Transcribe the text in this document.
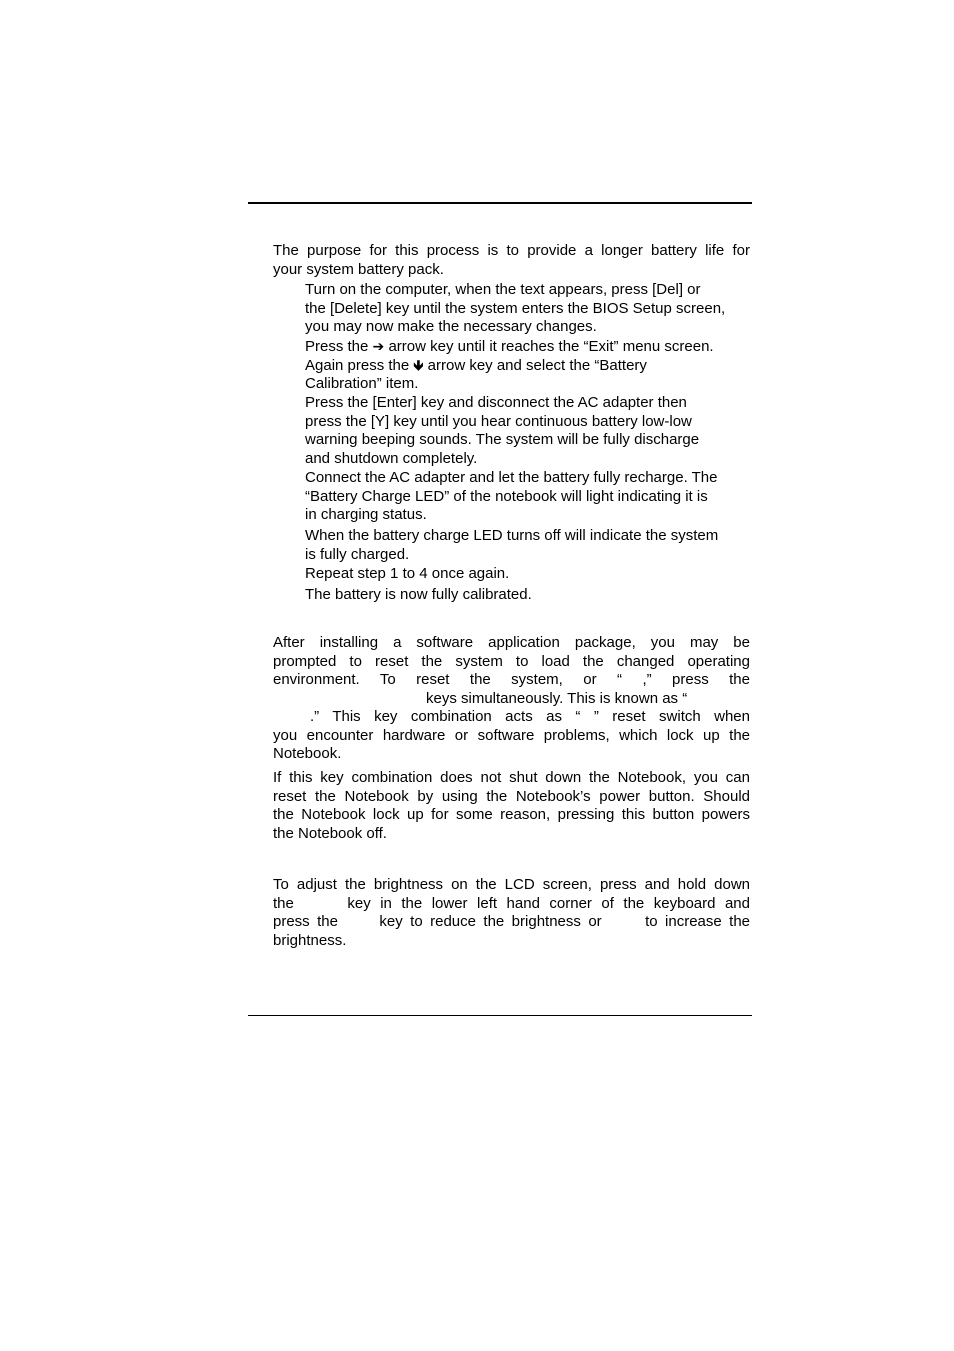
The purpose for this process is to provide a longer battery life for
your system battery pack.

Turn on the computer, when the text appears, press [Del] or
the [Delete] key until the system enters the BIOS Setup screen,
you may now make the necessary changes.

Press the ➔ arrow key until it reaches the “Exit” menu screen.
Again press the 🡻 arrow key and select the “Battery
Calibration” item.

Press the [Enter] key and disconnect the AC adapter then
press the [Y] key until you hear continuous battery low-low
warning beeping sounds. The system will be fully discharge
and shutdown completely.

Connect the AC adapter and let the battery fully recharge. The
“Battery Charge LED” of the notebook will light indicating it is
in charging status.

When the battery charge LED turns off will indicate the system
is fully charged.

Repeat step 1 to 4 once again.

The battery is now fully calibrated.

After installing a software application package, you may be
prompted to reset the system to load the changed operating
environment. To reset the system, or “ ,” press the
keys simultaneously. This is known as “
.” This key combination acts as “ ” reset switch when
you encounter hardware or software problems, which lock up the
Notebook.

If this key combination does not shut down the Notebook, you can
reset the Notebook by using the Notebook’s power button. Should
the Notebook lock up for some reason, pressing this button powers
the Notebook off.

To adjust the brightness on the LCD screen, press and hold down
the	key in the lower left hand corner of the keyboard and
press the	key to reduce the brightness or	to increase the
brightness.
